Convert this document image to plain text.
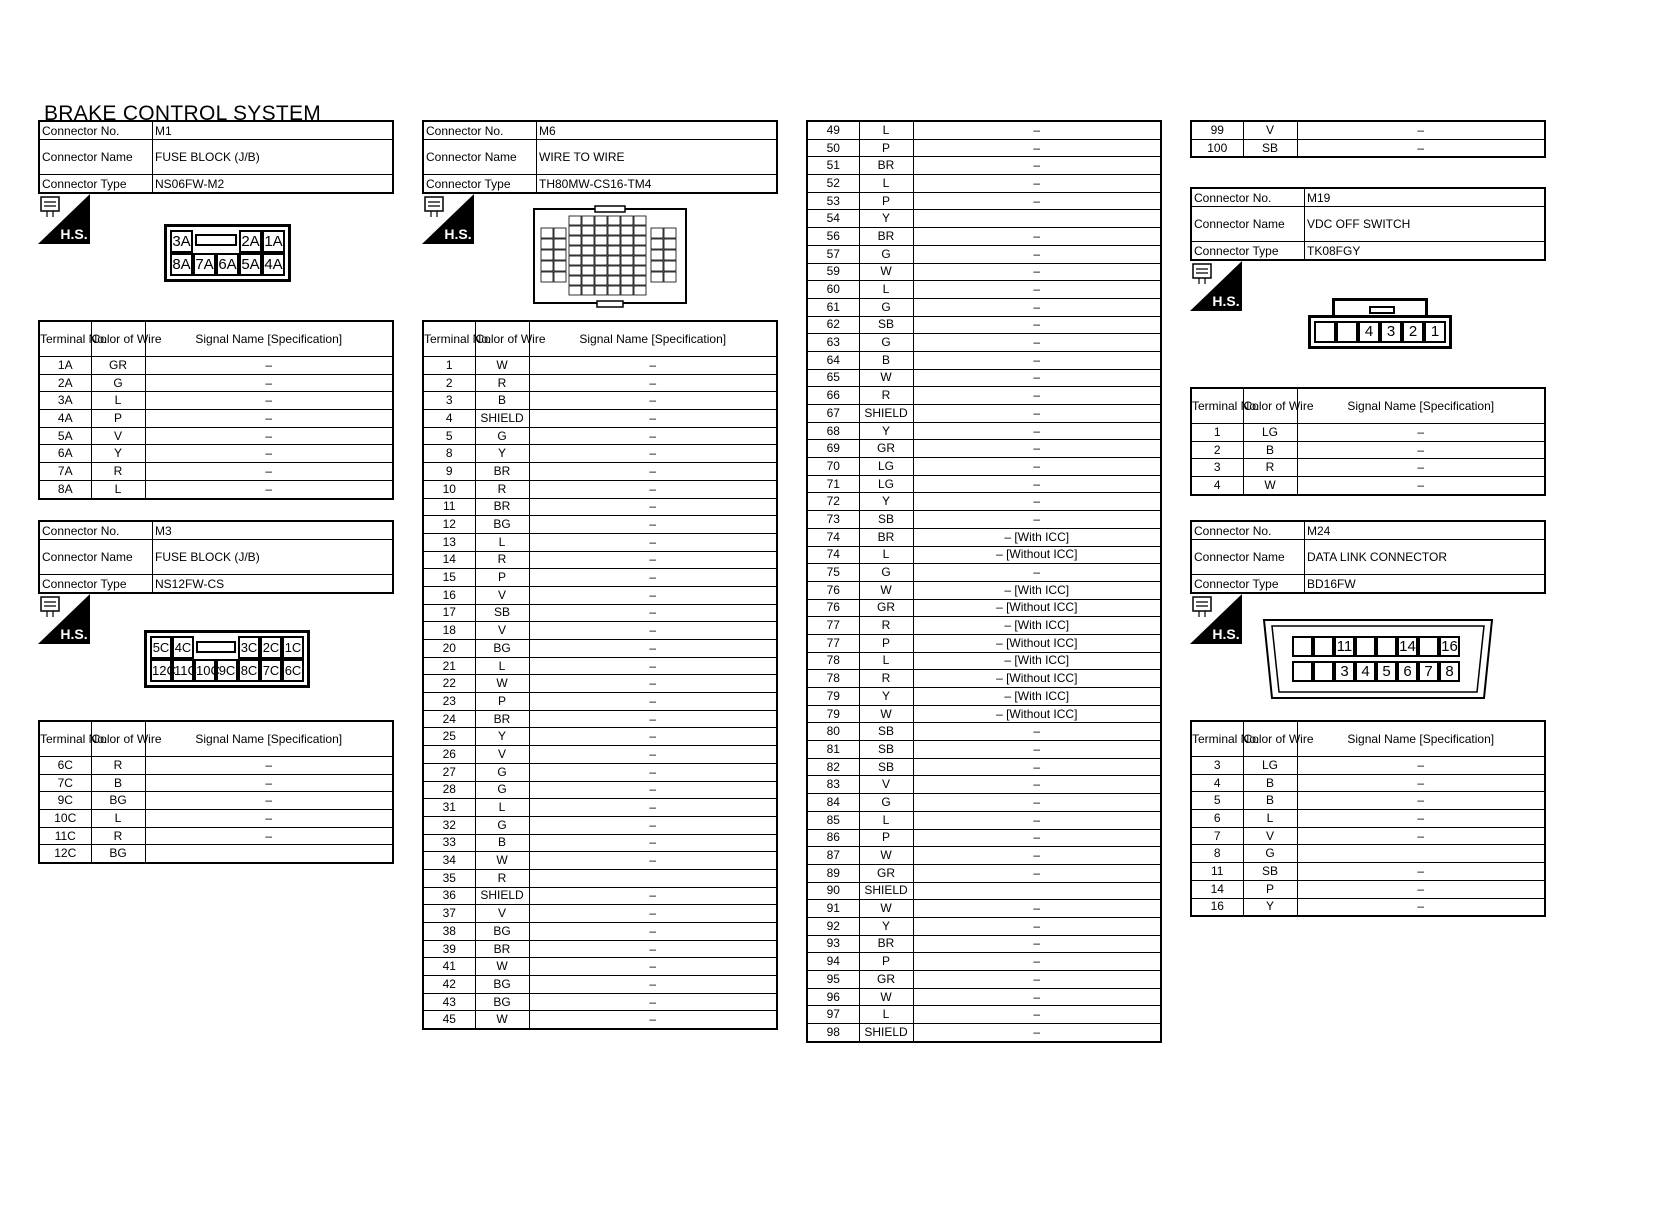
BRAKE CONTROL SYSTEM
Connector No.	M1
Connector Name	FUSE BLOCK (J/B)
Connector Type	NS06FW-M2
H.S.	3A	2A 1A
8A 7A 6A 5A 4A
Terminal No.	Color of Wire	Signal Name [Specification]
1A	GR	–
2A	G	–
3A	L	–
4A	P	–
5A	V	–
6A	Y	–
7A	R	–
8A	L	–
Connector No.	M3
Connector Name	FUSE BLOCK (J/B)
Connector Type	NS12FW-CS
H.S.
5C 4C	3C 2C 1C
12C
11C 10C
9C 8C 7C 6C
Terminal No.	Color of Wire	Signal Name [Specification]
6C	R	–
7C	B	–
9C	BG	–
10C	L	–
11C	R	–
12C	BG	
Connector No.	M6
Connector Name	WIRE TO WIRE
Connector Type	TH80MW-CS16-TM4
H.S.
Terminal No.	Color of Wire	Signal Name [Specification]
1	W	–
2	R	–
3	B	–
4	SHIELD	–
5	G	–
8	Y	–
9	BR	–
10	R	–
11	BR	–
12	BG	–
13	L	–
14	R	–
15	P	–
16	V	–
17	SB	–
18	V	–
20	BG	–
21	L	–
22	W	–
23	P	–
24	BR	–
25	Y	–
26	V	–
27	G	–
28	G	–
31	L	–
32	G	–
33	B	–
34	W	–
35	R	
36	SHIELD	–
37	V	–
38	BG	–
39	BR	–
41	W	–
42	BG	–
43	BG	–
45	W	–
49	L	–
50	P	–
51	BR	–
52	L	–
53	P	–
54	Y	
56	BR	–
57	G	–
59	W	–
60	L	–
61	G	–
62	SB	–
63	G	–
64	B	–
65	W	–
66	R	–
67	SHIELD	–
68	Y	–
69	GR	–
70	LG	–
71	LG	–
72	Y	–
73	SB	–
74	BR	– [With ICC]
74	L	– [Without ICC]
75	G	–
76	W	– [With ICC]
76	GR	– [Without ICC]
77	R	– [With ICC]
77	P	– [Without ICC]
78	L	– [With ICC]
78	R	– [Without ICC]
79	Y	– [With ICC]
79	W	– [Without ICC]
80	SB	–
81	SB	–
82	SB	–
83	V	–
84	G	–
85	L	–
86	P	–
87	W	–
89	GR	–
90	SHIELD	
91	W	–
92	Y	–
93	BR	–
94	P	–
95	GR	–
96	W	–
97	L	–
98	SHIELD	–
99	V	–
100	SB	–
Connector No.	M19
Connector Name	VDC OFF SWITCH
Connector Type	TK08FGY
H.S.
4 3 2 1
Terminal No.	Color of Wire	Signal Name [Specification]
1	LG	–
2	B	–
3	R	–
4	W	–
Connector No.	M24
Connector Name	DATA LINK CONNECTOR
Connector Type	BD16FW
H.S.
11	14 16
3 4 5 6 7 8
Terminal No.	Color of Wire	Signal Name [Specification]
3	LG	–
4	B	–
5	B	–
6	L	–
7	V	–
8	G	
11	SB	–
14	P	–
16	Y	–
